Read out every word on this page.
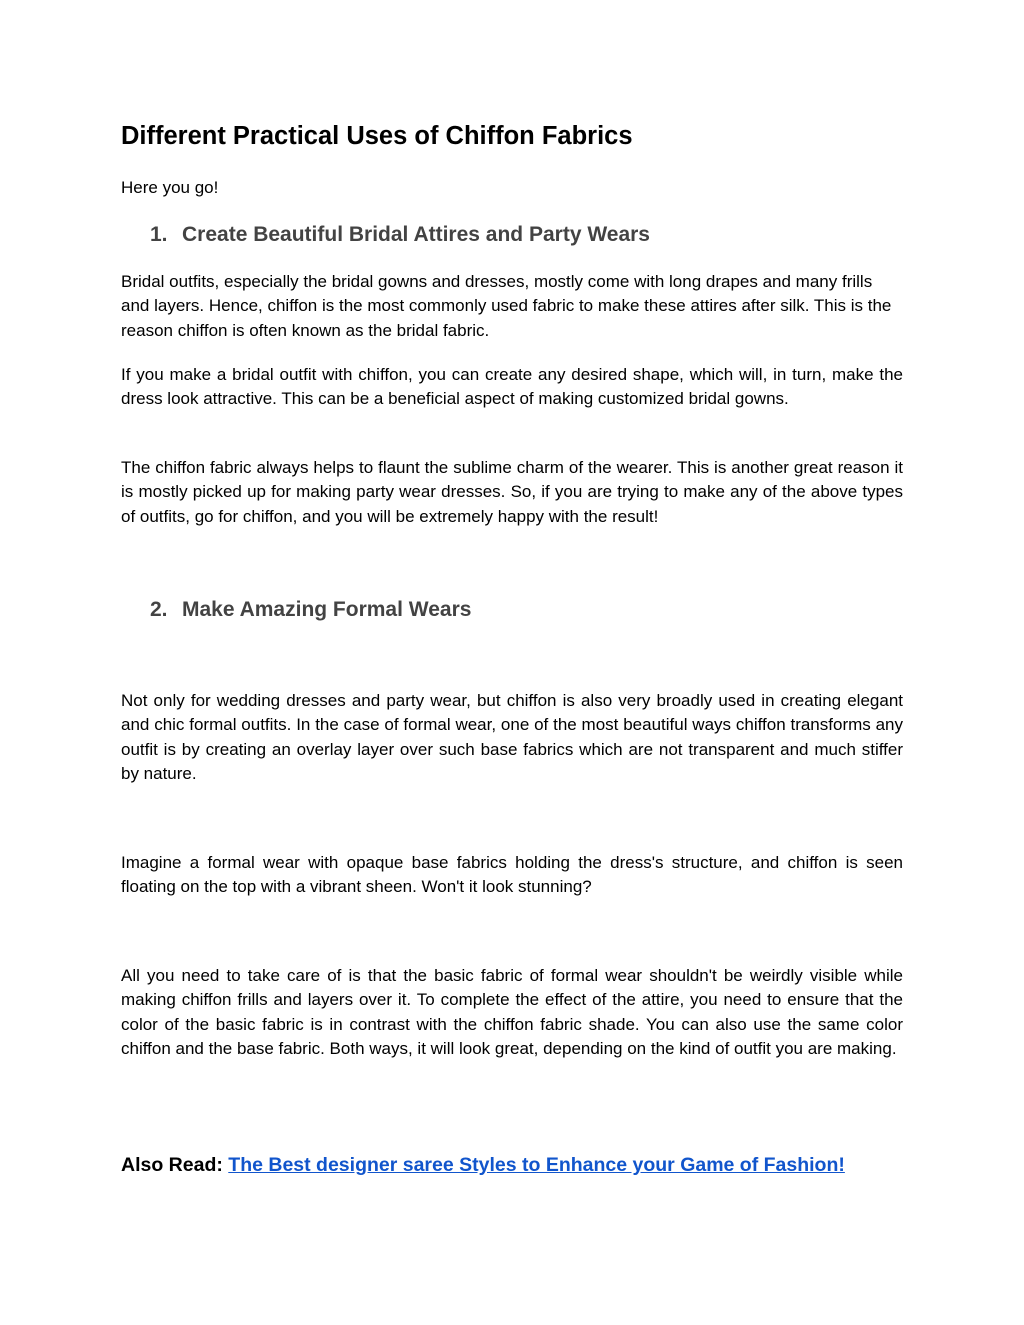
Different Practical Uses of Chiffon Fabrics

Here you go!

1. Create Beautiful Bridal Attires and Party Wears

Bridal outfits, especially the bridal gowns and dresses, mostly come with long drapes and many frills and layers. Hence, chiffon is the most commonly used fabric to make these attires after silk. This is the reason chiffon is often known as the bridal fabric.

If you make a bridal outfit with chiffon, you can create any desired shape, which will, in turn, make the dress look attractive. This can be a beneficial aspect of making customized bridal gowns.

The chiffon fabric always helps to flaunt the sublime charm of the wearer. This is another great reason it is mostly picked up for making party wear dresses. So, if you are trying to make any of the above types of outfits, go for chiffon, and you will be extremely happy with the result!

2. Make Amazing Formal Wears

Not only for wedding dresses and party wear, but chiffon is also very broadly used in creating elegant and chic formal outfits. In the case of formal wear, one of the most beautiful ways chiffon transforms any outfit is by creating an overlay layer over such base fabrics which are not transparent and much stiffer by nature.

Imagine a formal wear with opaque base fabrics holding the dress's structure, and chiffon is seen floating on the top with a vibrant sheen. Won't it look stunning?

All you need to take care of is that the basic fabric of formal wear shouldn't be weirdly visible while making chiffon frills and layers over it. To complete the effect of the attire, you need to ensure that the color of the basic fabric is in contrast with the chiffon fabric shade. You can also use the same color chiffon and the base fabric. Both ways, it will look great, depending on the kind of outfit you are making.

Also Read: The Best designer saree Styles to Enhance your Game of Fashion!
